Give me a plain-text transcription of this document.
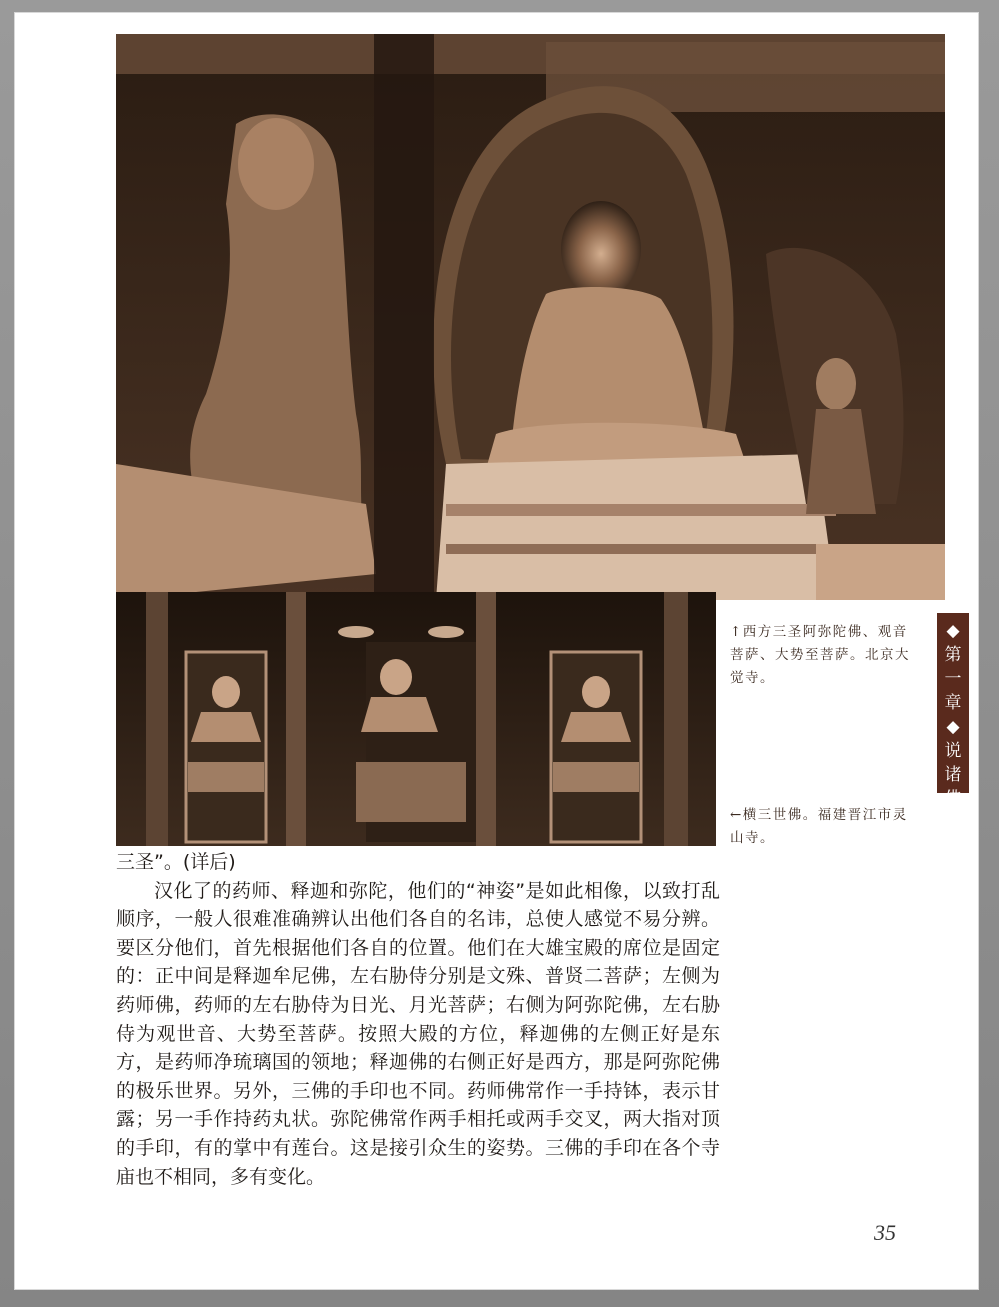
↑西方三圣阿弥陀佛、观音菩萨、大势至菩萨。北京大觉寺。
←横三世佛。福建晋江市灵山寺。
◆
第
一
章
◆
说
诸
佛

三圣”。(详后)

汉化了的药师、释迦和弥陀，他们的“神姿”是如此相像，以致打乱顺序，一般人很难准确辨认出他们各自的名讳，总使人感觉不易分辨。要区分他们，首先根据他们各自的位置。他们在大雄宝殿的席位是固定的：正中间是释迦牟尼佛，左右胁侍分别是文殊、普贤二菩萨；左侧为药师佛，药师的左右胁侍为日光、月光菩萨；右侧为阿弥陀佛，左右胁侍为观世音、大势至菩萨。按照大殿的方位，释迦佛的左侧正好是东方，是药师净琉璃国的领地；释迦佛的右侧正好是西方，那是阿弥陀佛的极乐世界。另外，三佛的手印也不同。药师佛常作一手持钵，表示甘露；另一手作持药丸状。弥陀佛常作两手相托或两手交叉，两大指对顶的手印，有的掌中有莲台。这是接引众生的姿势。三佛的手印在各个寺庙也不相同，多有变化。

35
